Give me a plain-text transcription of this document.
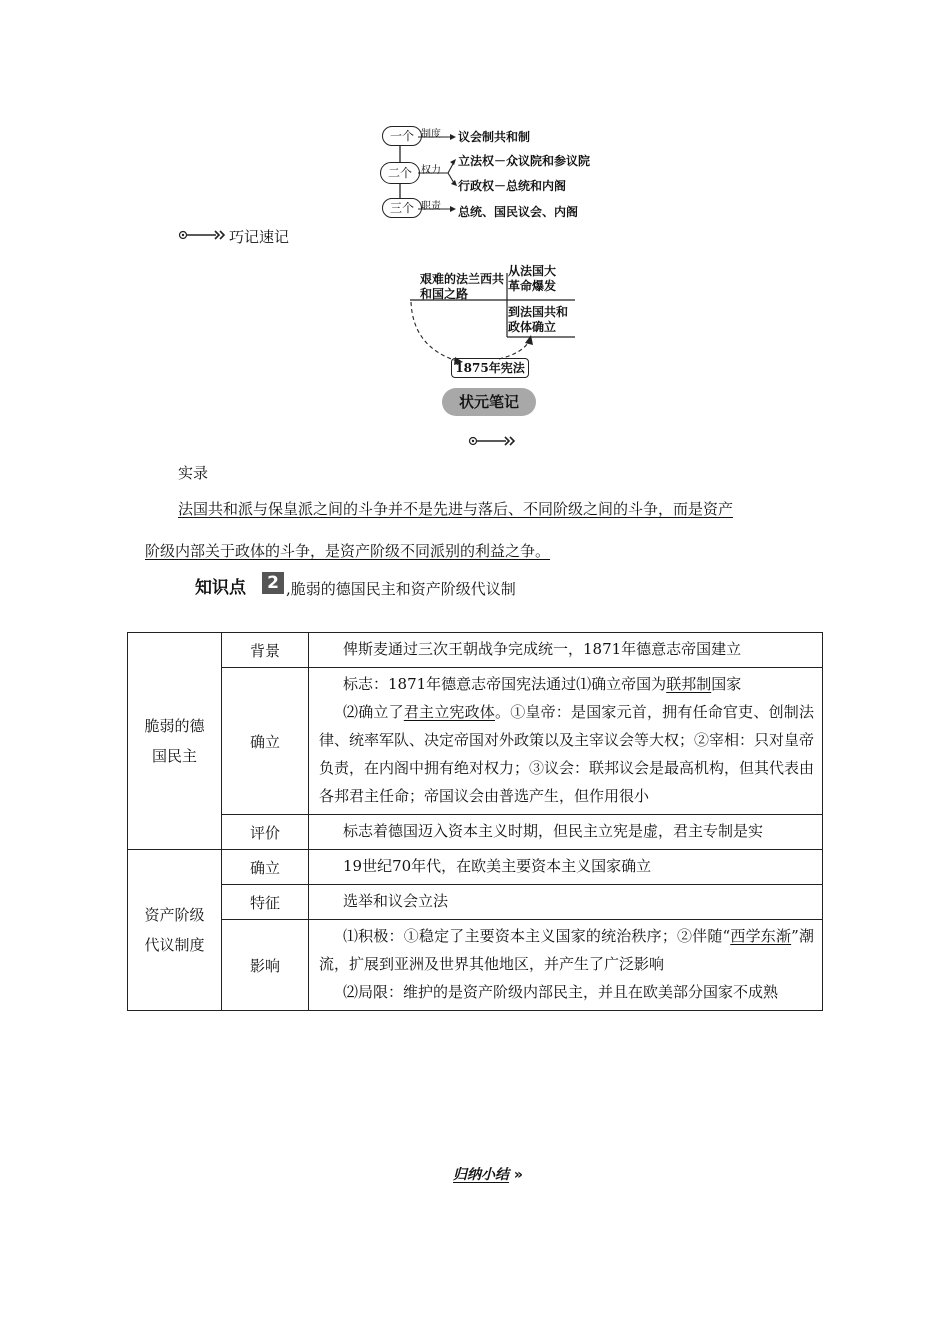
一个
二个
三个
制度
权力
职责
议会制共和制
立法权－众议院和参议院
行政权－总统和内阁
总统、国民议会、内阁
巧记速记
艰难的法兰西共和国之路
从法国大革命爆发
到法国共和政体确立
1875年宪法
状元笔记
实录
法国共和派与保皇派之间的斗争并不是先进与落后、不同阶级之间的斗争，而是资产
阶级内部关于政体的斗争，是资产阶级不同派别的利益之争。
知识点 2 ,脆弱的德国民主和资产阶级代议制
脆弱的德国民主	背景	俾斯麦通过三次王朝战争完成统一，1871年德意志帝国建立
	确立	标志：1871年德意志帝国宪法通过⑴确立帝国为联邦制国家
⑵确立了君主立宪政体。①皇帝：是国家元首，拥有任命官吏、创制法律、统率军队、决定帝国对外政策以及主宰议会等大权；②宰相：只对皇帝负责，在内阁中拥有绝对权力；③议会：联邦议会是最高机构，但其代表由各邦君主任命；帝国议会由普选产生，但作用很小

	评价	标志着德国迈入资本主义时期，但民主立宪是虚，君主专制是实

资产阶级代议制度	确立	19世纪70年代，在欧美主要资本主义国家确立
	特征	选举和议会立法
	影响	⑴积极：①稳定了主要资本主义国家的统治秩序；②伴随“西学东渐”潮流，扩展到亚洲及世界其他地区，并产生了广泛影响
⑵局限：维护的是资产阶级内部民主，并且在欧美部分国家不成熟
归纳小结 »
